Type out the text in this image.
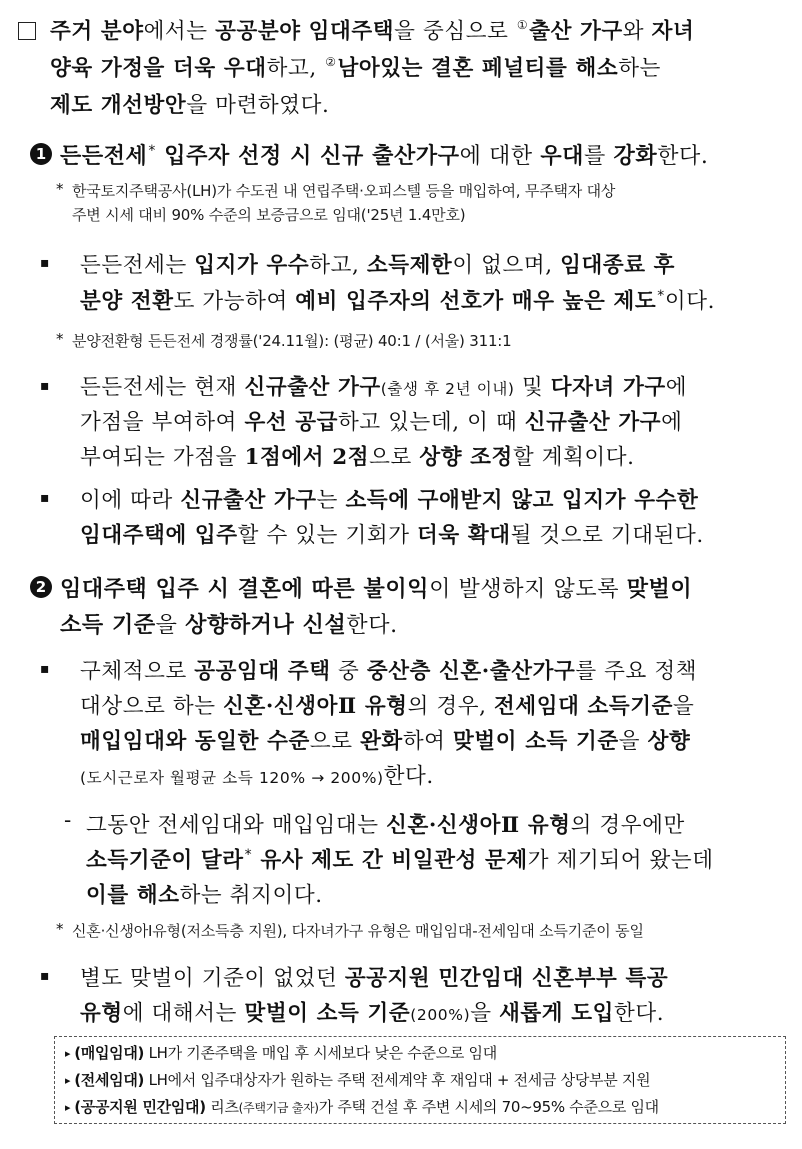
주거 분야에서는 공공분야 임대주택을 중심으로 ①출산 가구와 자녀
양육 가정을 더욱 우대하고, ②남아있는 결혼 페널티를 해소하는
제도 개선방안을 마련하였다.
1 든든전세* 입주자 선정 시 신규 출산가구에 대한 우대를 강화한다.
* 한국토지주택공사(LH)가 수도권 내 연립주택·오피스텔 등을 매입하여, 무주택자 대상
주변 시세 대비 90% 수준의 보증금으로 임대('25년 1.4만호)
▪ 든든전세는 입지가 우수하고, 소득제한이 없으며, 임대종료 후
분양 전환도 가능하여 예비 입주자의 선호가 매우 높은 제도*이다.
* 분양전환형 든든전세 경쟁률('24.11월): (평균) 40:1 / (서울) 311:1
▪ 든든전세는 현재 신규출산 가구(출생 후 2년 이내) 및 다자녀 가구에
가점을 부여하여 우선 공급하고 있는데, 이 때 신규출산 가구에
부여되는 가점을 1점에서 2점으로 상향 조정할 계획이다.
▪ 이에 따라 신규출산 가구는 소득에 구애받지 않고 입지가 우수한
임대주택에 입주할 수 있는 기회가 더욱 확대될 것으로 기대된다.
2 임대주택 입주 시 결혼에 따른 불이익이 발생하지 않도록 맞벌이
소득 기준을 상향하거나 신설한다.
▪ 구체적으로 공공임대 주택 중 중산층 신혼·출산가구를 주요 정책
대상으로 하는 신혼·신생아Ⅱ 유형의 경우, 전세임대 소득기준을
매입임대와 동일한 수준으로 완화하여 맞벌이 소득 기준을 상향
(도시근로자 월평균 소득 120% → 200%)한다.
- 그동안 전세임대와 매입임대는 신혼·신생아Ⅱ 유형의 경우에만
소득기준이 달라* 유사 제도 간 비일관성 문제가 제기되어 왔는데
이를 해소하는 취지이다.
* 신혼·신생아Ⅰ유형(저소득층 지원), 다자녀가구 유형은 매입임대-전세임대 소득기준이 동일
▪ 별도 맞벌이 기준이 없었던 공공지원 민간임대 신혼부부 특공
유형에 대해서는 맞벌이 소득 기준(200%)을 새롭게 도입한다.
▸ (매입임대) LH가 기존주택을 매입 후 시세보다 낮은 수준으로 임대
▸ (전세임대) LH에서 입주대상자가 원하는 주택 전세계약 후 재임대 + 전세금 상당부분 지원
▸ (공공지원 민간임대) 리츠(주택기금 출자)가 주택 건설 후 주변 시세의 70~95% 수준으로 임대
